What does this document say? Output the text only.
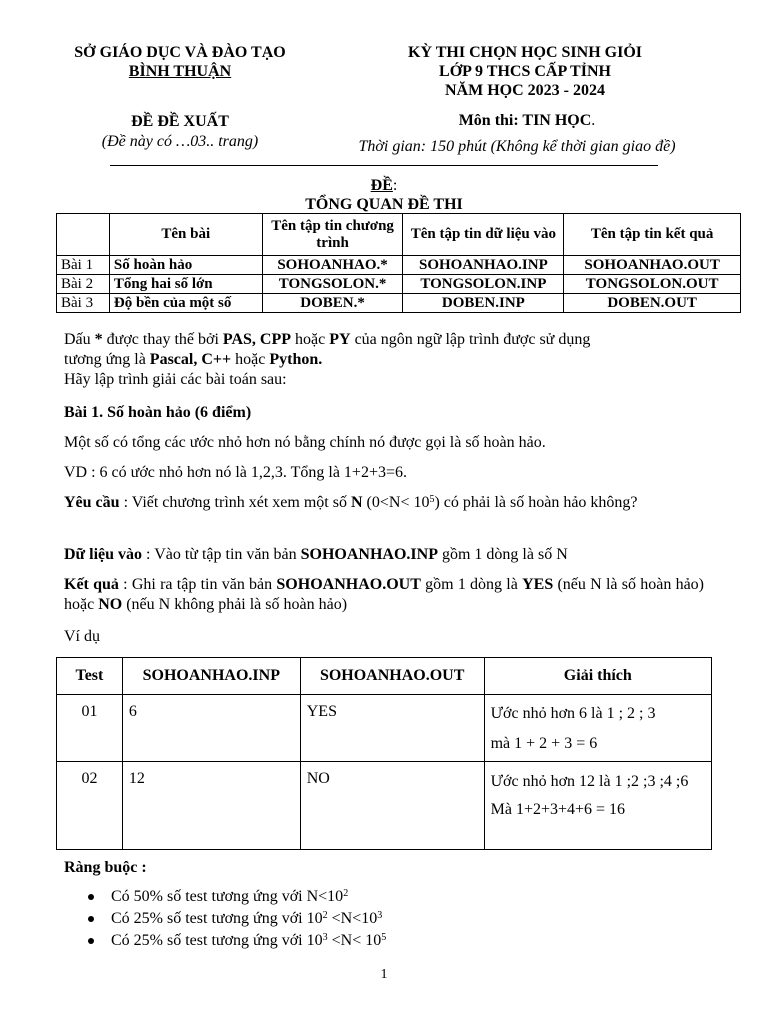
SỞ GIÁO DỤC VÀ ĐÀO TẠO
BÌNH THUẬN
KỲ THI CHỌN HỌC SINH GIỎI
LỚP 9 THCS CẤP TỈNH
NĂM HỌC 2023 - 2024
ĐỀ ĐỀ XUẤT
(Đề này có …03.. trang)
Môn thi: TIN HỌC.
Thời gian: 150 phút (Không kể thời gian giao đề)
ĐỀ:
TỔNG QUAN ĐỀ THI
	Tên bài	Tên tập tin chương trình	Tên tập tin dữ liệu vào	Tên tập tin kết quả
Bài 1	Số hoàn hảo	SOHOANHAO.*	SOHOANHAO.INP	SOHOANHAO.OUT
Bài 2	Tổng hai số lớn	TONGSOLON.*	TONGSOLON.INP	TONGSOLON.OUT
Bài 3	Độ bền của một số	DOBEN.*	DOBEN.INP	DOBEN.OUT
Dấu * được thay thế bởi PAS, CPP hoặc PY của ngôn ngữ lập trình được sử dụng
tương ứng là Pascal, C++ hoặc Python.
Hãy lập trình giải các bài toán sau:
Bài 1. Số hoàn hảo (6 điểm)
Một số có tổng các ước nhỏ hơn nó bằng chính nó được gọi là số hoàn hảo.
VD : 6 có ước nhỏ hơn nó là 1,2,3. Tổng là 1+2+3=6.
Yêu cầu : Viết chương trình xét xem một số N $(0<N< 10^5)$ có phải là số hoàn hảo không?
Dữ liệu vào : Vào từ tập tin văn bản SOHOANHAO.INP gồm 1 dòng là số N
Kết quả : Ghi ra tập tin văn bản SOHOANHAO.OUT gồm 1 dòng là YES (nếu N là số hoàn hảo) hoặc NO (nếu N không phải là số hoàn hảo)
Ví dụ
Test	SOHOANHAO.INP	SOHOANHAO.OUT	Giải thích
01	6	YES	Ước nhỏ hơn 6 là 1 ; 2 ; 3
mà 1 + 2 + 3 = 6

02	12	NO	Ước nhỏ hơn 12 là 1 ;2 ;3 ;4 ;6
Mà 1+2+3+4+6 = 16
Ràng buộc :
Có 50% số test tương ứng với $N<10^2$
Có 25% số test tương ứng với $10^2 <N<10^3$
Có 25% số test tương ứng với $10^3 <N< 10^5$
1
